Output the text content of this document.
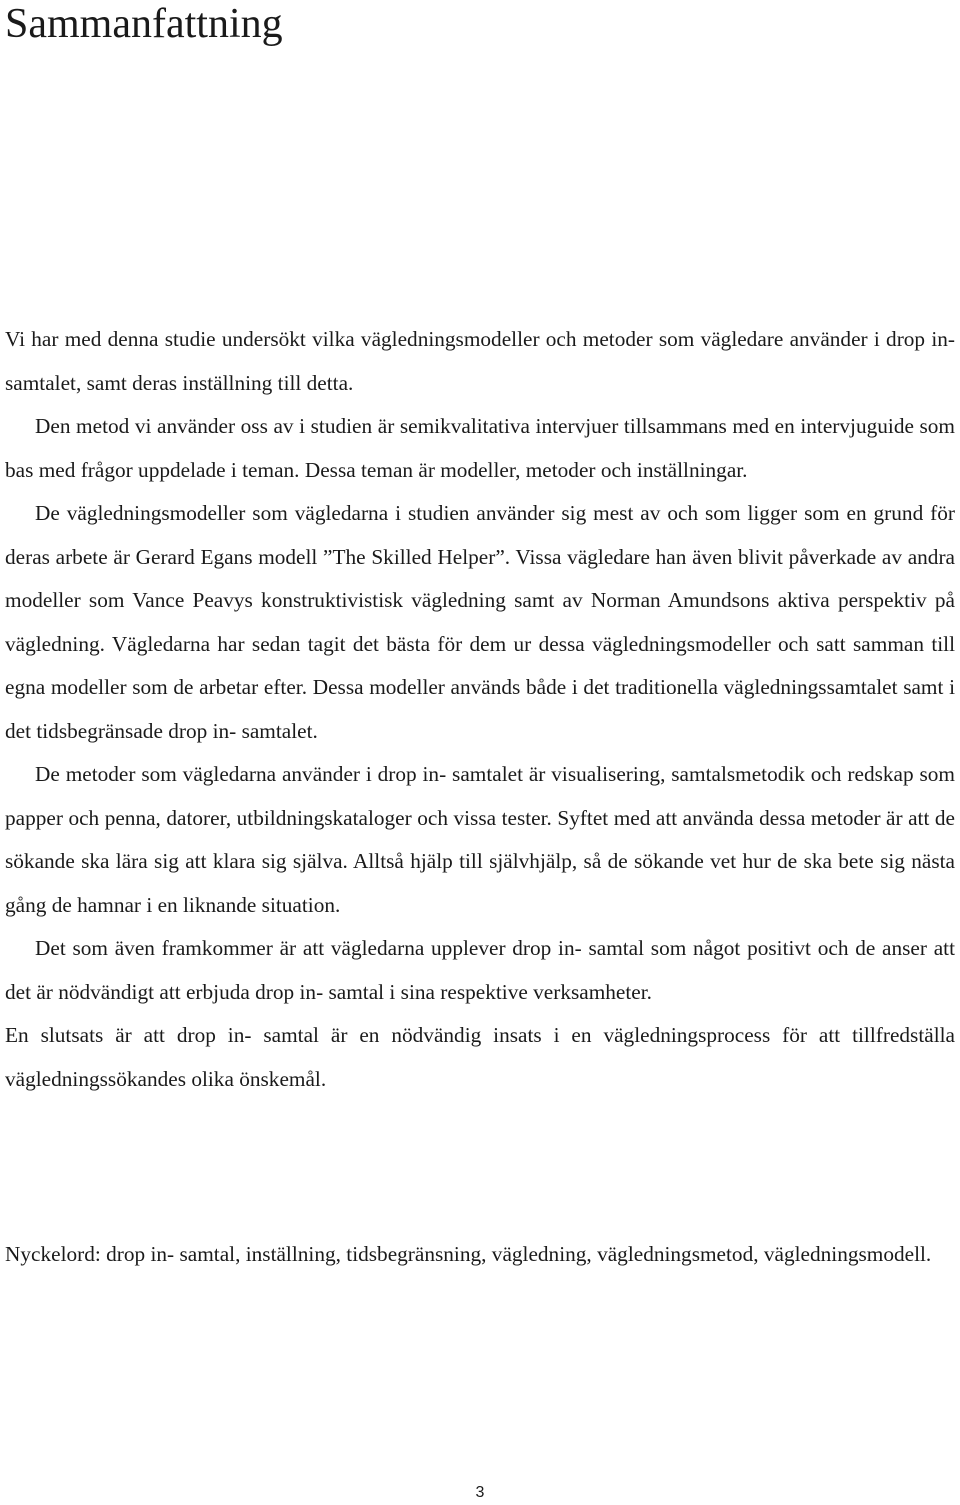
Sammanfattning

Vi har med denna studie undersökt vilka vägledningsmodeller och metoder som vägledare använder i drop in- samtalet, samt deras inställning till detta.

Den metod vi använder oss av i studien är semikvalitativa intervjuer tillsammans med en intervjuguide som bas med frågor uppdelade i teman. Dessa teman är modeller, metoder och inställningar.

De vägledningsmodeller som vägledarna i studien använder sig mest av och som ligger som en grund för deras arbete är Gerard Egans modell ”The Skilled Helper”. Vissa vägledare han även blivit påverkade av andra modeller som Vance Peavys konstruktivistisk vägledning samt av Norman Amundsons aktiva perspektiv på vägledning. Vägledarna har sedan tagit det bästa för dem ur dessa vägledningsmodeller och satt samman till egna modeller som de arbetar efter. Dessa modeller används både i det traditionella vägledningssamtalet samt i det tidsbegränsade drop in- samtalet.

De metoder som vägledarna använder i drop in- samtalet är visualisering, samtalsmetodik och redskap som papper och penna, datorer, utbildningskataloger och vissa tester. Syftet med att använda dessa metoder är att de sökande ska lära sig att klara sig själva. Alltså hjälp till självhjälp, så de sökande vet hur de ska bete sig nästa gång de hamnar i en liknande situation.

Det som även framkommer är att vägledarna upplever drop in- samtal som något positivt och de anser att det är nödvändigt att erbjuda drop in- samtal i sina respektive verksamheter.

En slutsats är att drop in- samtal är en nödvändig insats i en vägledningsprocess för att tillfredställa vägledningssökandes olika önskemål.

Nyckelord: drop in- samtal, inställning, tidsbegränsning, vägledning, vägledningsmetod, vägledningsmodell.

3
